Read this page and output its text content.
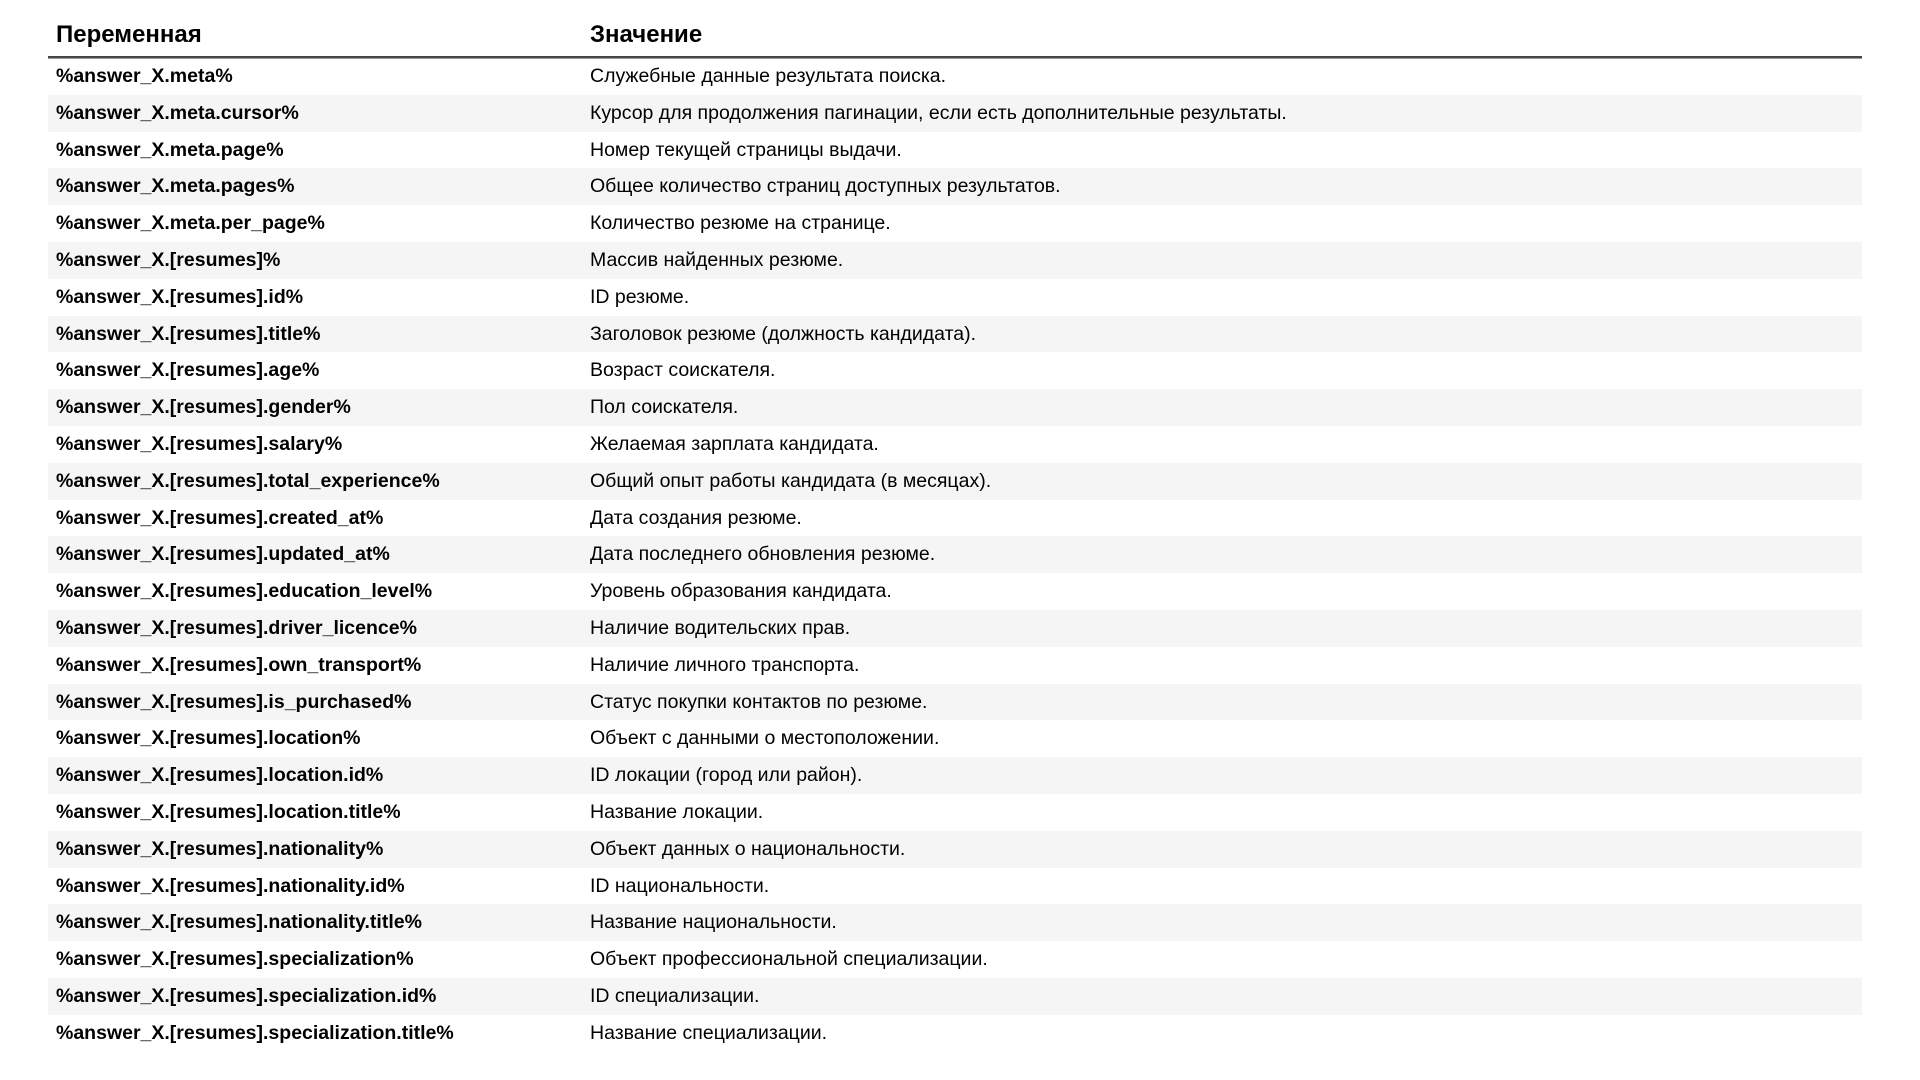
Переменная	Значение
%answer_X.meta%	Служебные данные результата поиска.
%answer_X.meta.cursor%	Курсор для продолжения пагинации, если есть дополнительные результаты.
%answer_X.meta.page%	Номер текущей страницы выдачи.
%answer_X.meta.pages%	Общее количество страниц доступных результатов.
%answer_X.meta.per_page%	Количество резюме на странице.
%answer_X.[resumes]%	Массив найденных резюме.
%answer_X.[resumes].id%	ID резюме.
%answer_X.[resumes].title%	Заголовок резюме (должность кандидата).
%answer_X.[resumes].age%	Возраст соискателя.
%answer_X.[resumes].gender%	Пол соискателя.
%answer_X.[resumes].salary%	Желаемая зарплата кандидата.
%answer_X.[resumes].total_experience%	Общий опыт работы кандидата (в месяцах).
%answer_X.[resumes].created_at%	Дата создания резюме.
%answer_X.[resumes].updated_at%	Дата последнего обновления резюме.
%answer_X.[resumes].education_level%	Уровень образования кандидата.
%answer_X.[resumes].driver_licence%	Наличие водительских прав.
%answer_X.[resumes].own_transport%	Наличие личного транспорта.
%answer_X.[resumes].is_purchased%	Статус покупки контактов по резюме.
%answer_X.[resumes].location%	Объект с данными о местоположении.
%answer_X.[resumes].location.id%	ID локации (город или район).
%answer_X.[resumes].location.title%	Название локации.
%answer_X.[resumes].nationality%	Объект данных о национальности.
%answer_X.[resumes].nationality.id%	ID национальности.
%answer_X.[resumes].nationality.title%	Название национальности.
%answer_X.[resumes].specialization%	Объект профессиональной специализации.
%answer_X.[resumes].specialization.id%	ID специализации.
%answer_X.[resumes].specialization.title%	Название специализации.
